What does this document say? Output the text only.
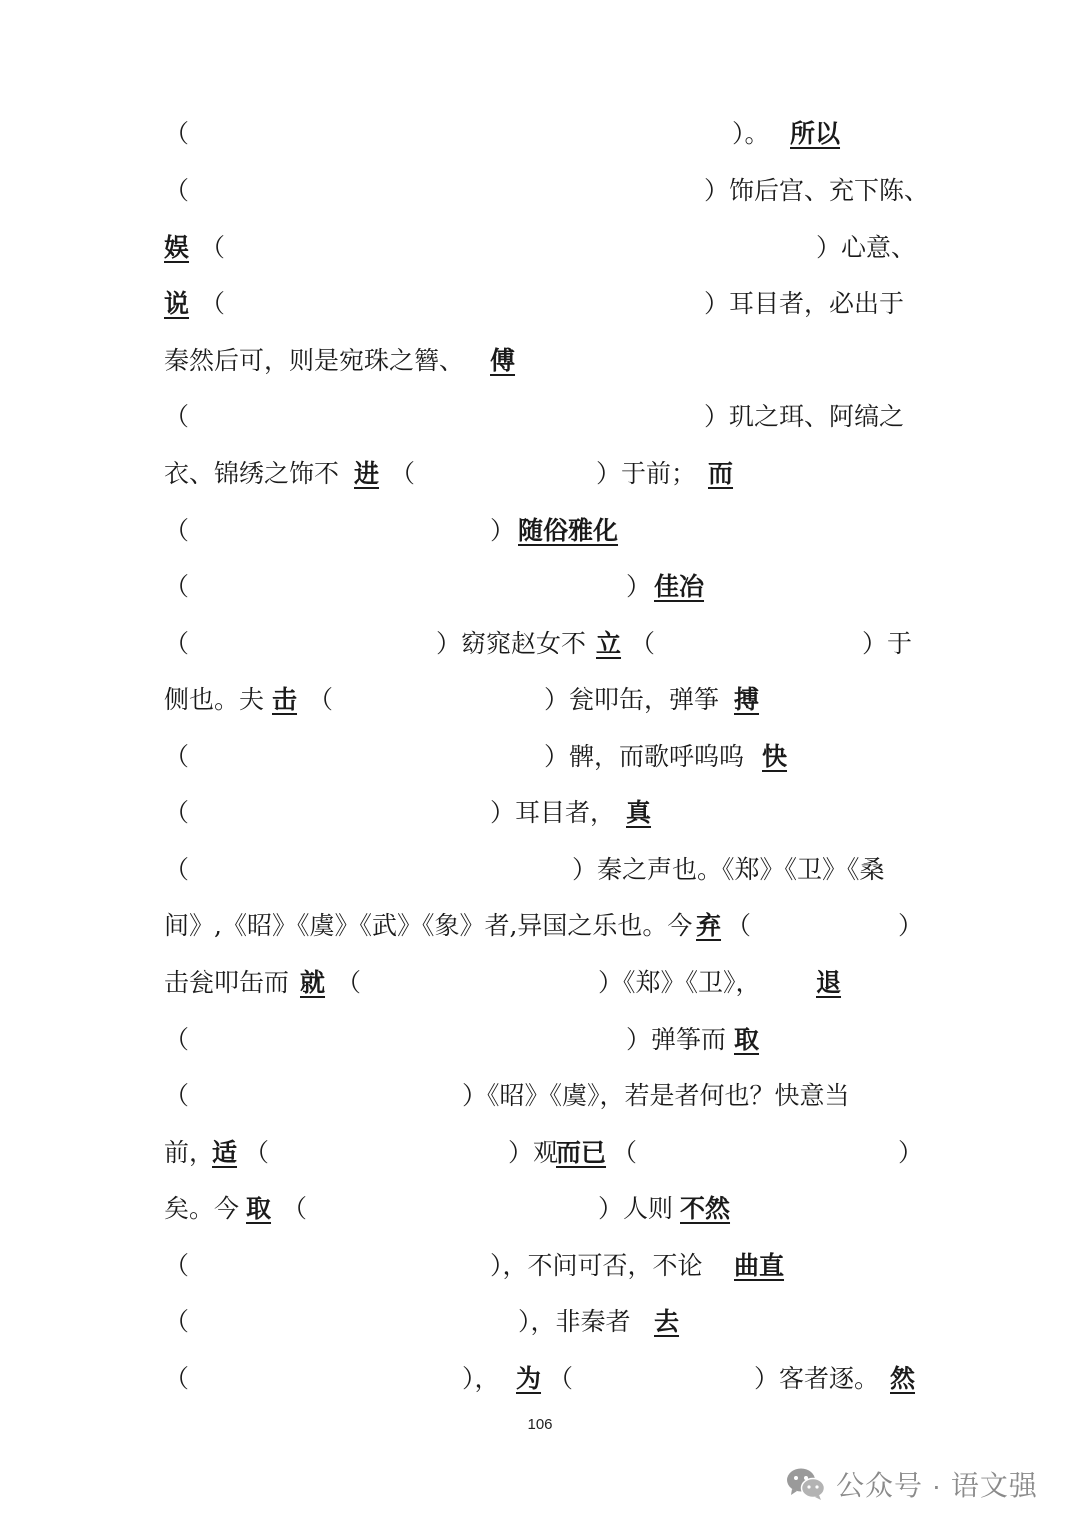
（	）。 所以
（	）饰后宫、充下陈、
娱 （	）心意、
说 （	）耳目者，必出于
秦然后可，则是宛珠之簪、 傅
（	）玑之珥、阿缟之
衣、锦绣之饰不 进 （	）于前； 而
（	） 随俗雅化
（	） 佳冶
（	）窈窕赵女不 立 （	）于
侧也。夫 击 （	）瓮叩缶，弹筝 搏
（	）髀，而歌呼呜呜 快
（	）耳目者， 真
（	）秦之声也。《郑》《卫》《桑
间》,《昭》《虞》《武》《象》者,异国之乐也。今 弃 （	）
击瓮叩缶而 就 （	）《郑》《卫》， 退
（	）弹筝而 取
（	）《昭》《虞》，若是者何也？快意当
前，
适 （	）观
而已 （	）
矣。今 取 （	）人则 不然
（	），不问可否，不论 曲直
（	），非秦者 去
（	）， 为 （	）客者逐。 然
106
公众号 · 语文强
